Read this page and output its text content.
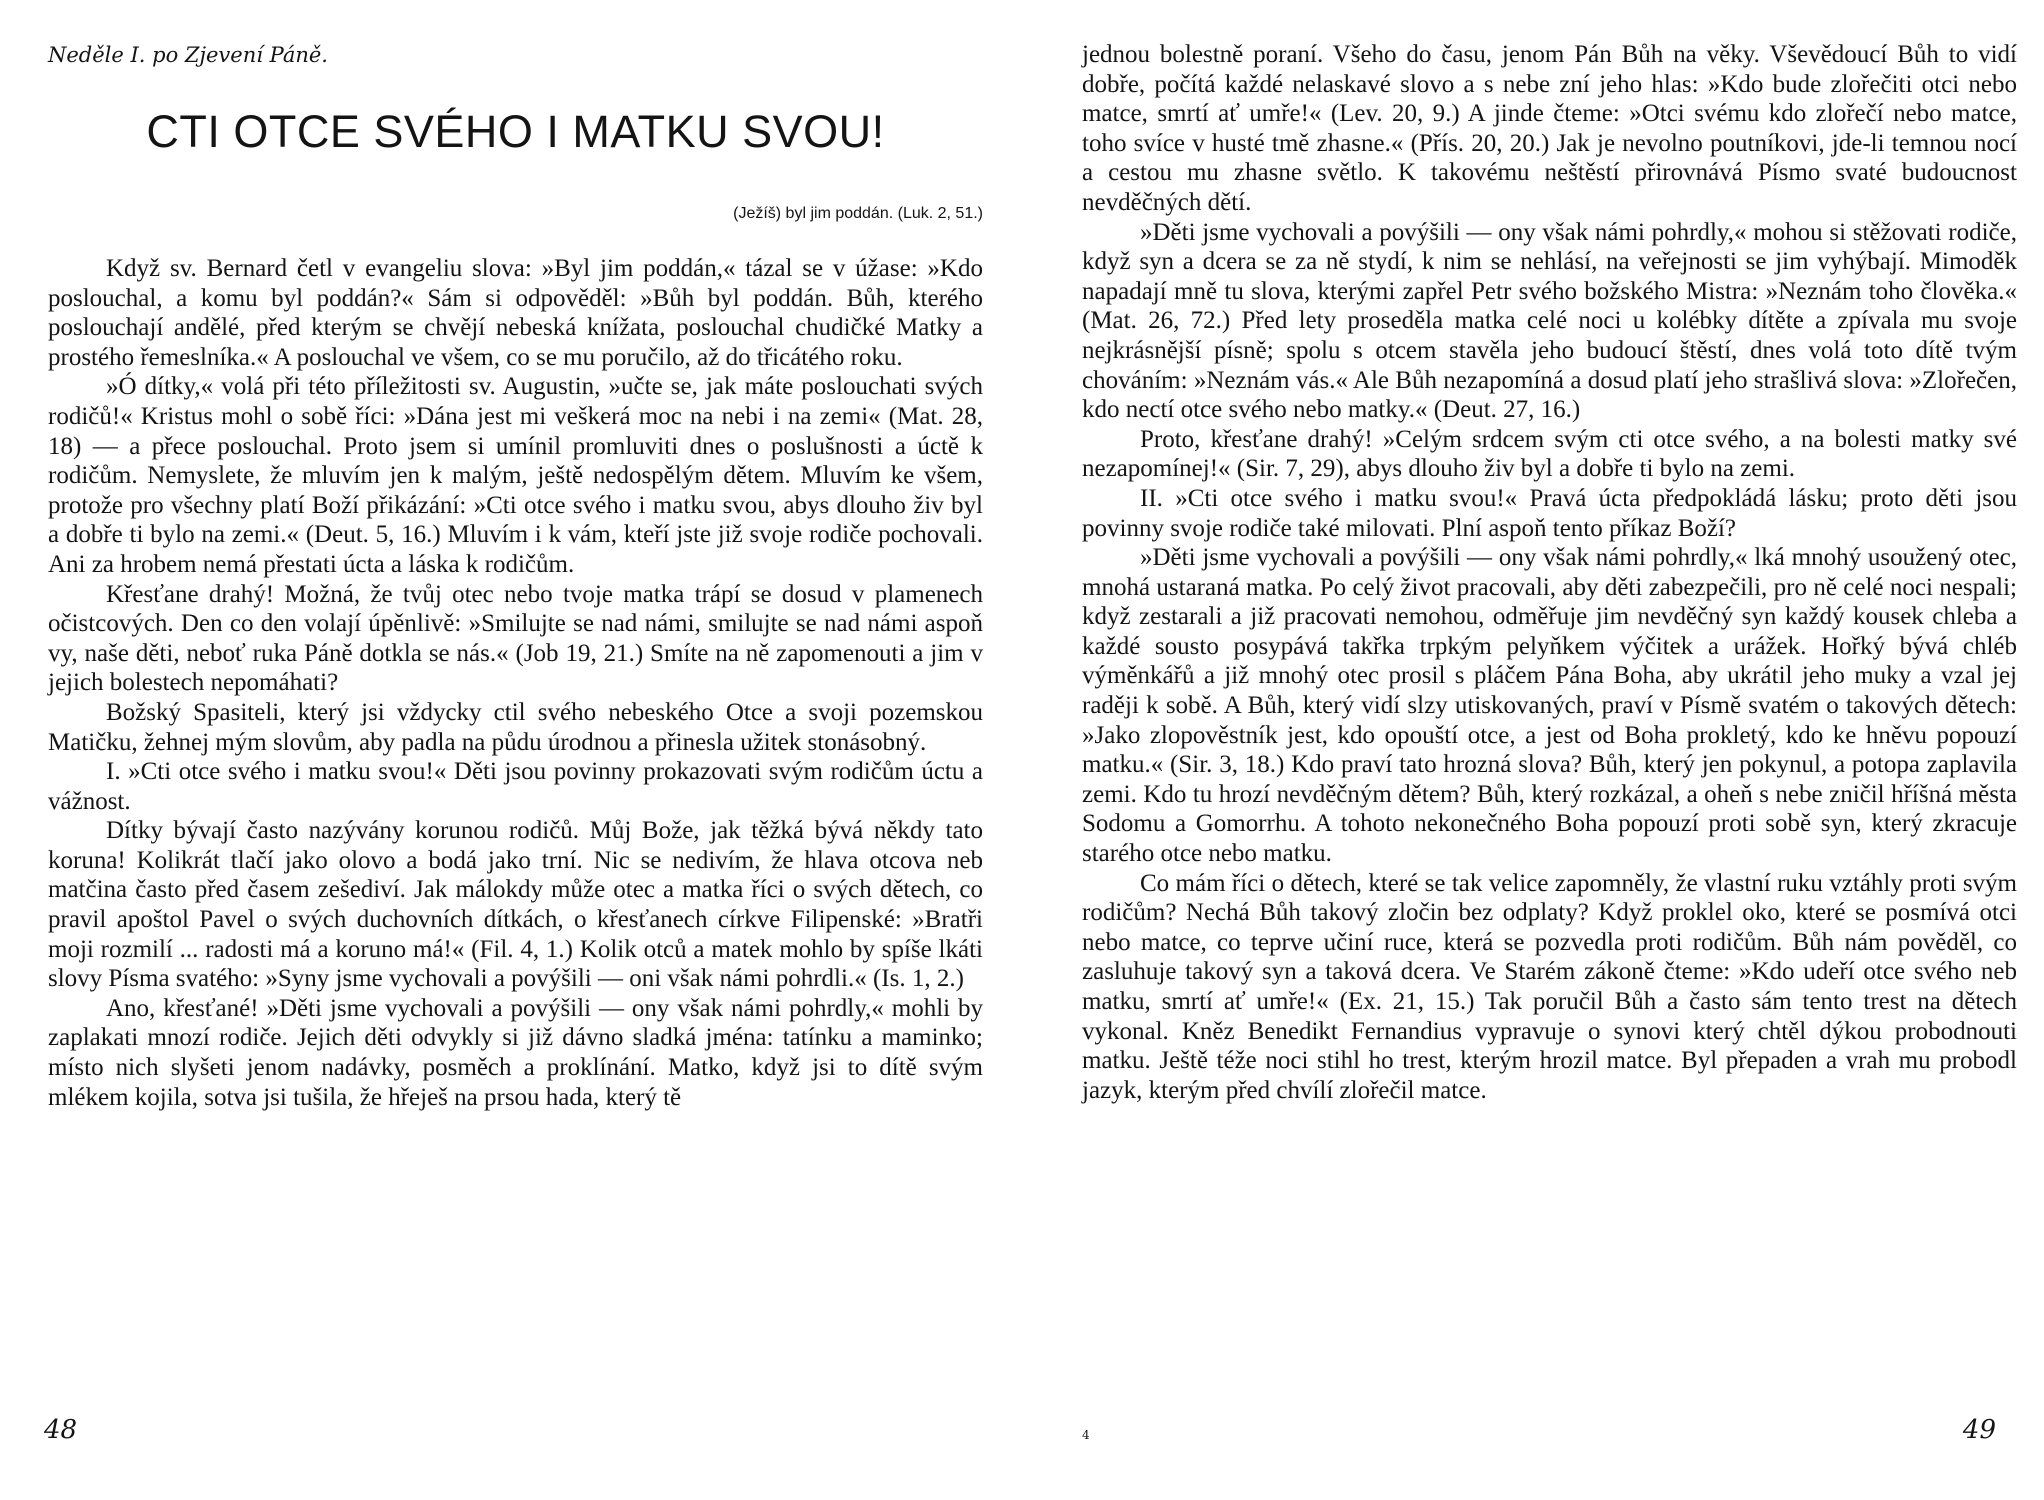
Neděle I. po Zjevení Páně.
CTI OTCE SVÉHO I MATKU SVOU!
(Ježíš) byl jim poddán. (Luk. 2, 51.)

Když sv. Bernard četl v evangeliu slova: »Byl jim poddán,« tázal se v úžase: »Kdo poslouchal, a komu byl poddán?« Sám si odpověděl: »Bůh byl poddán. Bůh, kterého poslouchají andělé, před kterým se chvějí nebeská knížata, poslouchal chudičké Matky a prostého řemeslníka.« A poslouchal ve všem, co se mu poručilo, až do třicátého roku.

»Ó dítky,« volá při této příležitosti sv. Augustin, »učte se, jak máte poslouchati svých rodičů!« Kristus mohl o sobě říci: »Dána jest mi veškerá moc na nebi i na zemi« (Mat. 28, 18) — a přece poslouchal. Proto jsem si umínil promluviti dnes o poslušnosti a úctě k rodičům. Nemyslete, že mluvím jen k malým, ještě nedospělým dětem. Mluvím ke všem, protože pro všechny platí Boží přikázání: »Cti otce svého i matku svou, abys dlouho živ byl a dobře ti bylo na zemi.« (Deut. 5, 16.) Mluvím i k vám, kteří jste již svoje rodiče pochovali. Ani za hrobem nemá přestati úcta a láska k rodičům.

Křesťane drahý! Možná, že tvůj otec nebo tvoje matka trápí se dosud v plamenech očistcových. Den co den volají úpěnlivě: »Smilujte se nad námi, smilujte se nad námi aspoň vy, naše děti, neboť ruka Páně dotkla se nás.« (Job 19, 21.) Smíte na ně zapomenouti a jim v jejich bolestech nepomáhati?

Božský Spasiteli, který jsi vždycky ctil svého nebeského Otce a svoji pozemskou Matičku, žehnej mým slovům, aby padla na půdu úrodnou a přinesla užitek stonásobný.

I. »Cti otce svého i matku svou!« Děti jsou povinny prokazovati svým rodičům úctu a vážnost.

Dítky bývají často nazývány korunou rodičů. Můj Bože, jak těžká bývá někdy tato koruna! Kolikrát tlačí jako olovo a bodá jako trní. Nic se nedivím, že hlava otcova neb matčina často před časem zešediví. Jak málokdy může otec a matka říci o svých dětech, co pravil apoštol Pavel o svých duchovních dítkách, o křesťanech církve Filipenské: »Bratři moji rozmilí ... radosti má a koruno má!« (Fil. 4, 1.) Kolik otců a matek mohlo by spíše lkáti slovy Písma svatého: »Syny jsme vychovali a povýšili — oni však námi pohrdli.« (Is. 1, 2.)

Ano, křesťané! »Děti jsme vychovali a povýšili — ony však námi pohrdly,« mohli by zaplakati mnozí rodiče. Jejich děti odvykly si již dávno sladká jména: tatínku a maminko; místo nich slyšeti jenom nadávky, posměch a proklínání. Matko, když jsi to dítě svým mlékem kojila, sotva jsi tušila, že hřeješ na prsou hada, který tě

48

jednou bolestně poraní. Všeho do času, jenom Pán Bůh na věky. Vševědoucí Bůh to vidí dobře, počítá každé nelaskavé slovo a s nebe zní jeho hlas: »Kdo bude zlořečiti otci nebo matce, smrtí ať umře!« (Lev. 20, 9.) A jinde čteme: »Otci svému kdo zlořečí nebo matce, toho svíce v husté tmě zhasne.« (Přís. 20, 20.) Jak je nevolno poutníkovi, jde-li temnou nocí a cestou mu zhasne světlo. K takovému neštěstí přirovnává Písmo svaté budoucnost nevděčných dětí.

»Děti jsme vychovali a povýšili — ony však námi pohrdly,« mohou si stěžovati rodiče, když syn a dcera se za ně stydí, k nim se nehlásí, na veřejnosti se jim vyhýbají. Mimoděk napadají mně tu slova, kterými zapřel Petr svého božského Mistra: »Neznám toho člověka.« (Mat. 26, 72.) Před lety proseděla matka celé noci u kolébky dítěte a zpívala mu svoje nejkrásnější písně; spolu s otcem stavěla jeho budoucí štěstí, dnes volá toto dítě tvým chováním: »Neznám vás.« Ale Bůh nezapomíná a dosud platí jeho strašlivá slova: »Zlořečen, kdo nectí otce svého nebo matky.« (Deut. 27, 16.)

Proto, křesťane drahý! »Celým srdcem svým cti otce svého, a na bolesti matky své nezapomínej!« (Sir. 7, 29), abys dlouho živ byl a dobře ti bylo na zemi.

II. »Cti otce svého i matku svou!« Pravá úcta předpokládá lásku; proto děti jsou povinny svoje rodiče také milovati. Plní aspoň tento příkaz Boží?

»Děti jsme vychovali a povýšili — ony však námi pohrdly,« lká mnohý usoužený otec, mnohá ustaraná matka. Po celý život pracovali, aby děti zabezpečili, pro ně celé noci nespali; když zestarali a již pracovati nemohou, odměřuje jim nevděčný syn každý kousek chleba a každé sousto posypává takřka trpkým pelyňkem výčitek a urážek. Hořký bývá chléb výměnkářů a již mnohý otec prosil s pláčem Pána Boha, aby ukrátil jeho muky a vzal jej raději k sobě. A Bůh, který vidí slzy utiskovaných, praví v Písmě svatém o takových dětech: »Jako zlopověstník jest, kdo opouští otce, a jest od Boha prokletý, kdo ke hněvu popouzí matku.« (Sir. 3, 18.) Kdo praví tato hrozná slova? Bůh, který jen pokynul, a potopa zaplavila zemi. Kdo tu hrozí nevděčným dětem? Bůh, který rozkázal, a oheň s nebe zničil hříšná města Sodomu a Gomorrhu. A tohoto nekonečného Boha popouzí proti sobě syn, který zkracuje starého otce nebo matku.

Co mám říci o dětech, které se tak velice zapomněly, že vlastní ruku vztáhly proti svým rodičům? Nechá Bůh takový zločin bez odplaty? Když proklel oko, které se posmívá otci nebo matce, co teprve učiní ruce, která se pozvedla proti rodičům. Bůh nám pověděl, co zasluhuje takový syn a taková dcera. Ve Starém zákoně čteme: »Kdo udeří otce svého neb matku, smrtí ať umře!« (Ex. 21, 15.) Tak poručil Bůh a často sám tento trest na dětech vykonal. Kněz Benedikt Fernandius vypravuje o synovi který chtěl dýkou probodnouti matku. Ještě téže noci stihl ho trest, kterým hrozil matce. Byl přepaden a vrah mu probodl jazyk, kterým před chvílí zlořečil matce.

4	49
